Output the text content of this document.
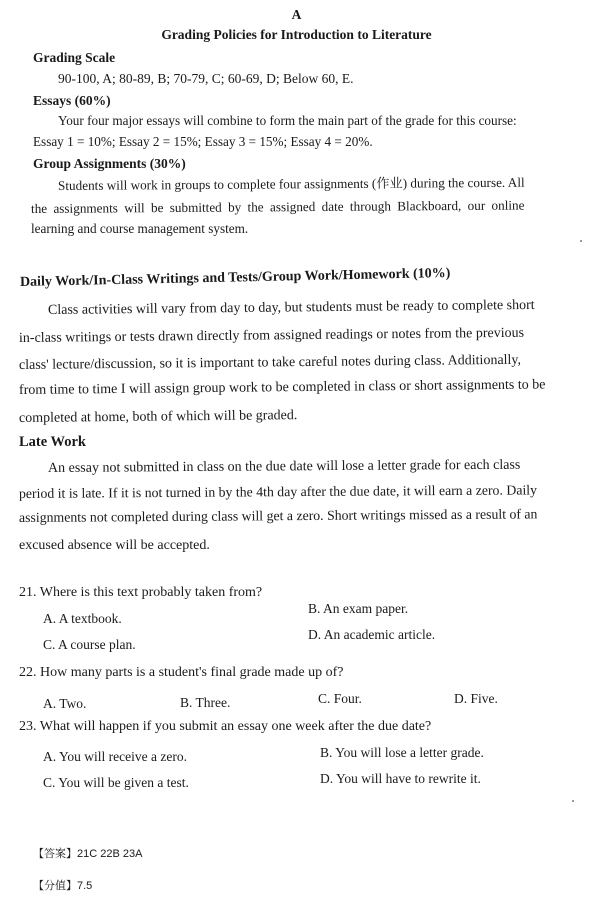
A
Grading Policies for Introduction to Literature
Grading Scale
90-100, A; 80-89, B; 70-79, C; 60-69, D; Below 60, E.
Essays (60%)
Your four major essays will combine to form the main part of the grade for this course:
Essay 1 = 10%; Essay 2 = 15%; Essay 3 = 15%; Essay 4 = 20%.
Group Assignments (30%)
Students will work in groups to complete four assignments (作业) during the course. All
the assignments will be submitted by the assigned date through Blackboard, our online
learning and course management system.
Daily Work/In-Class Writings and Tests/Group Work/Homework (10%)
Class activities will vary from day to day, but students must be ready to complete short
in-class writings or tests drawn directly from assigned readings or notes from the previous
class' lecture/discussion, so it is important to take careful notes during class. Additionally,
from time to time I will assign group work to be completed in class or short assignments to be
completed at home, both of which will be graded.
Late Work
An essay not submitted in class on the due date will lose a letter grade for each class
period it is late. If it is not turned in by the 4th day after the due date, it will earn a zero. Daily
assignments not completed during class will get a zero. Short writings missed as a result of an
excused absence will be accepted.
21. Where is this text probably taken from?
A. A textbook.
B. An exam paper.
C. A course plan.
D. An academic article.
22. How many parts is a student's final grade made up of?
A. Two.	B. Three.	C. Four.	D. Five.
23. What will happen if you submit an essay one week after the due date?
A. You will receive a zero.	B. You will lose a letter grade.
C. You will be given a test.	D. You will have to rewrite it.
【答案】21C 22B 23A
【分值】7.5
